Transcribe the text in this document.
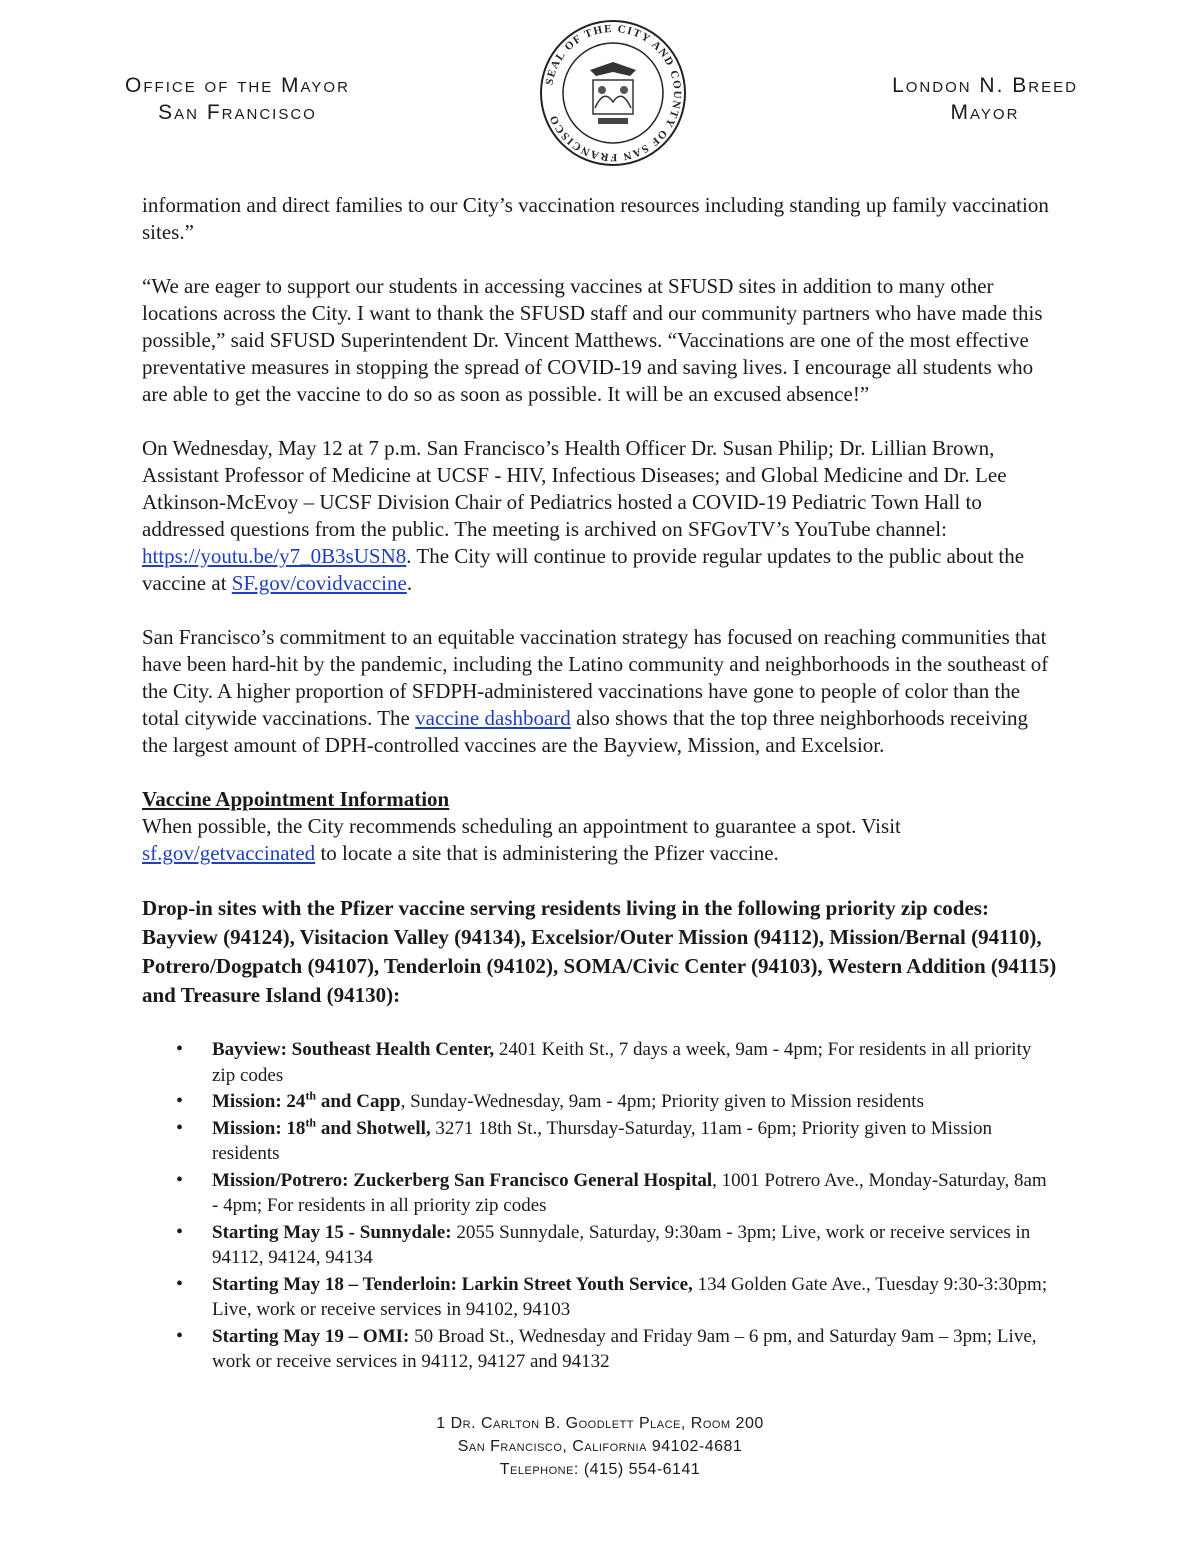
Office of the Mayor
San Francisco
SEAL OF THE CITY AND COUNTY OF SAN FRANCISCO
London N. Breed
Mayor

information and direct families to our City’s vaccination resources including standing up family vaccination sites.”

“We are eager to support our students in accessing vaccines at SFUSD sites in addition to many other locations across the City. I want to thank the SFUSD staff and our community partners who have made this possible,” said SFUSD Superintendent Dr. Vincent Matthews. “Vaccinations are one of the most effective preventative measures in stopping the spread of COVID-19 and saving lives. I encourage all students who are able to get the vaccine to do so as soon as possible. It will be an excused absence!”

On Wednesday, May 12 at 7 p.m. San Francisco’s Health Officer Dr. Susan Philip; Dr. Lillian Brown, Assistant Professor of Medicine at UCSF - HIV, Infectious Diseases; and Global Medicine and Dr. Lee Atkinson-McEvoy – UCSF Division Chair of Pediatrics hosted a COVID-19 Pediatric Town Hall to addressed questions from the public. The meeting is archived on SFGovTV’s YouTube channel: https://youtu.be/y7_0B3sUSN8. The City will continue to provide regular updates to the public about the vaccine at SF.gov/covidvaccine.

San Francisco’s commitment to an equitable vaccination strategy has focused on reaching communities that have been hard-hit by the pandemic, including the Latino community and neighborhoods in the southeast of the City. A higher proportion of SFDPH-administered vaccinations have gone to people of color than the total citywide vaccinations. The vaccine dashboard also shows that the top three neighborhoods receiving the largest amount of DPH-controlled vaccines are the Bayview, Mission, and Excelsior.

Vaccine Appointment Information

When possible, the City recommends scheduling an appointment to guarantee a spot. Visit sf.gov/getvaccinated to locate a site that is administering the Pfizer vaccine.

Drop-in sites with the Pfizer vaccine serving residents living in the following priority zip codes: Bayview (94124), Visitacion Valley (94134), Excelsior/Outer Mission (94112), Mission/Bernal (94110), Potrero/Dogpatch (94107), Tenderloin (94102), SOMA/Civic Center (94103), Western Addition (94115) and Treasure Island (94130):

• Bayview: Southeast Health Center, 2401 Keith St., 7 days a week, 9am - 4pm; For residents in all priority zip codes
• Mission: 24th and Capp, Sunday-Wednesday, 9am - 4pm; Priority given to Mission residents
• Mission: 18th and Shotwell, 3271 18th St., Thursday-Saturday, 11am - 6pm; Priority given to Mission residents
• Mission/Potrero: Zuckerberg San Francisco General Hospital, 1001 Potrero Ave., Monday-Saturday, 8am - 4pm; For residents in all priority zip codes
• Starting May 15 - Sunnydale: 2055 Sunnydale, Saturday, 9:30am - 3pm; Live, work or receive services in 94112, 94124, 94134
• Starting May 18 – Tenderloin: Larkin Street Youth Service, 134 Golden Gate Ave., Tuesday 9:30-3:30pm; Live, work or receive services in 94102, 94103
• Starting May 19 – OMI: 50 Broad St., Wednesday and Friday 9am – 6 pm, and Saturday 9am – 3pm; Live, work or receive services in 94112, 94127 and 94132
1 Dr. Carlton B. Goodlett Place, Room 200
San Francisco, California 94102-4681
Telephone: (415) 554-6141
